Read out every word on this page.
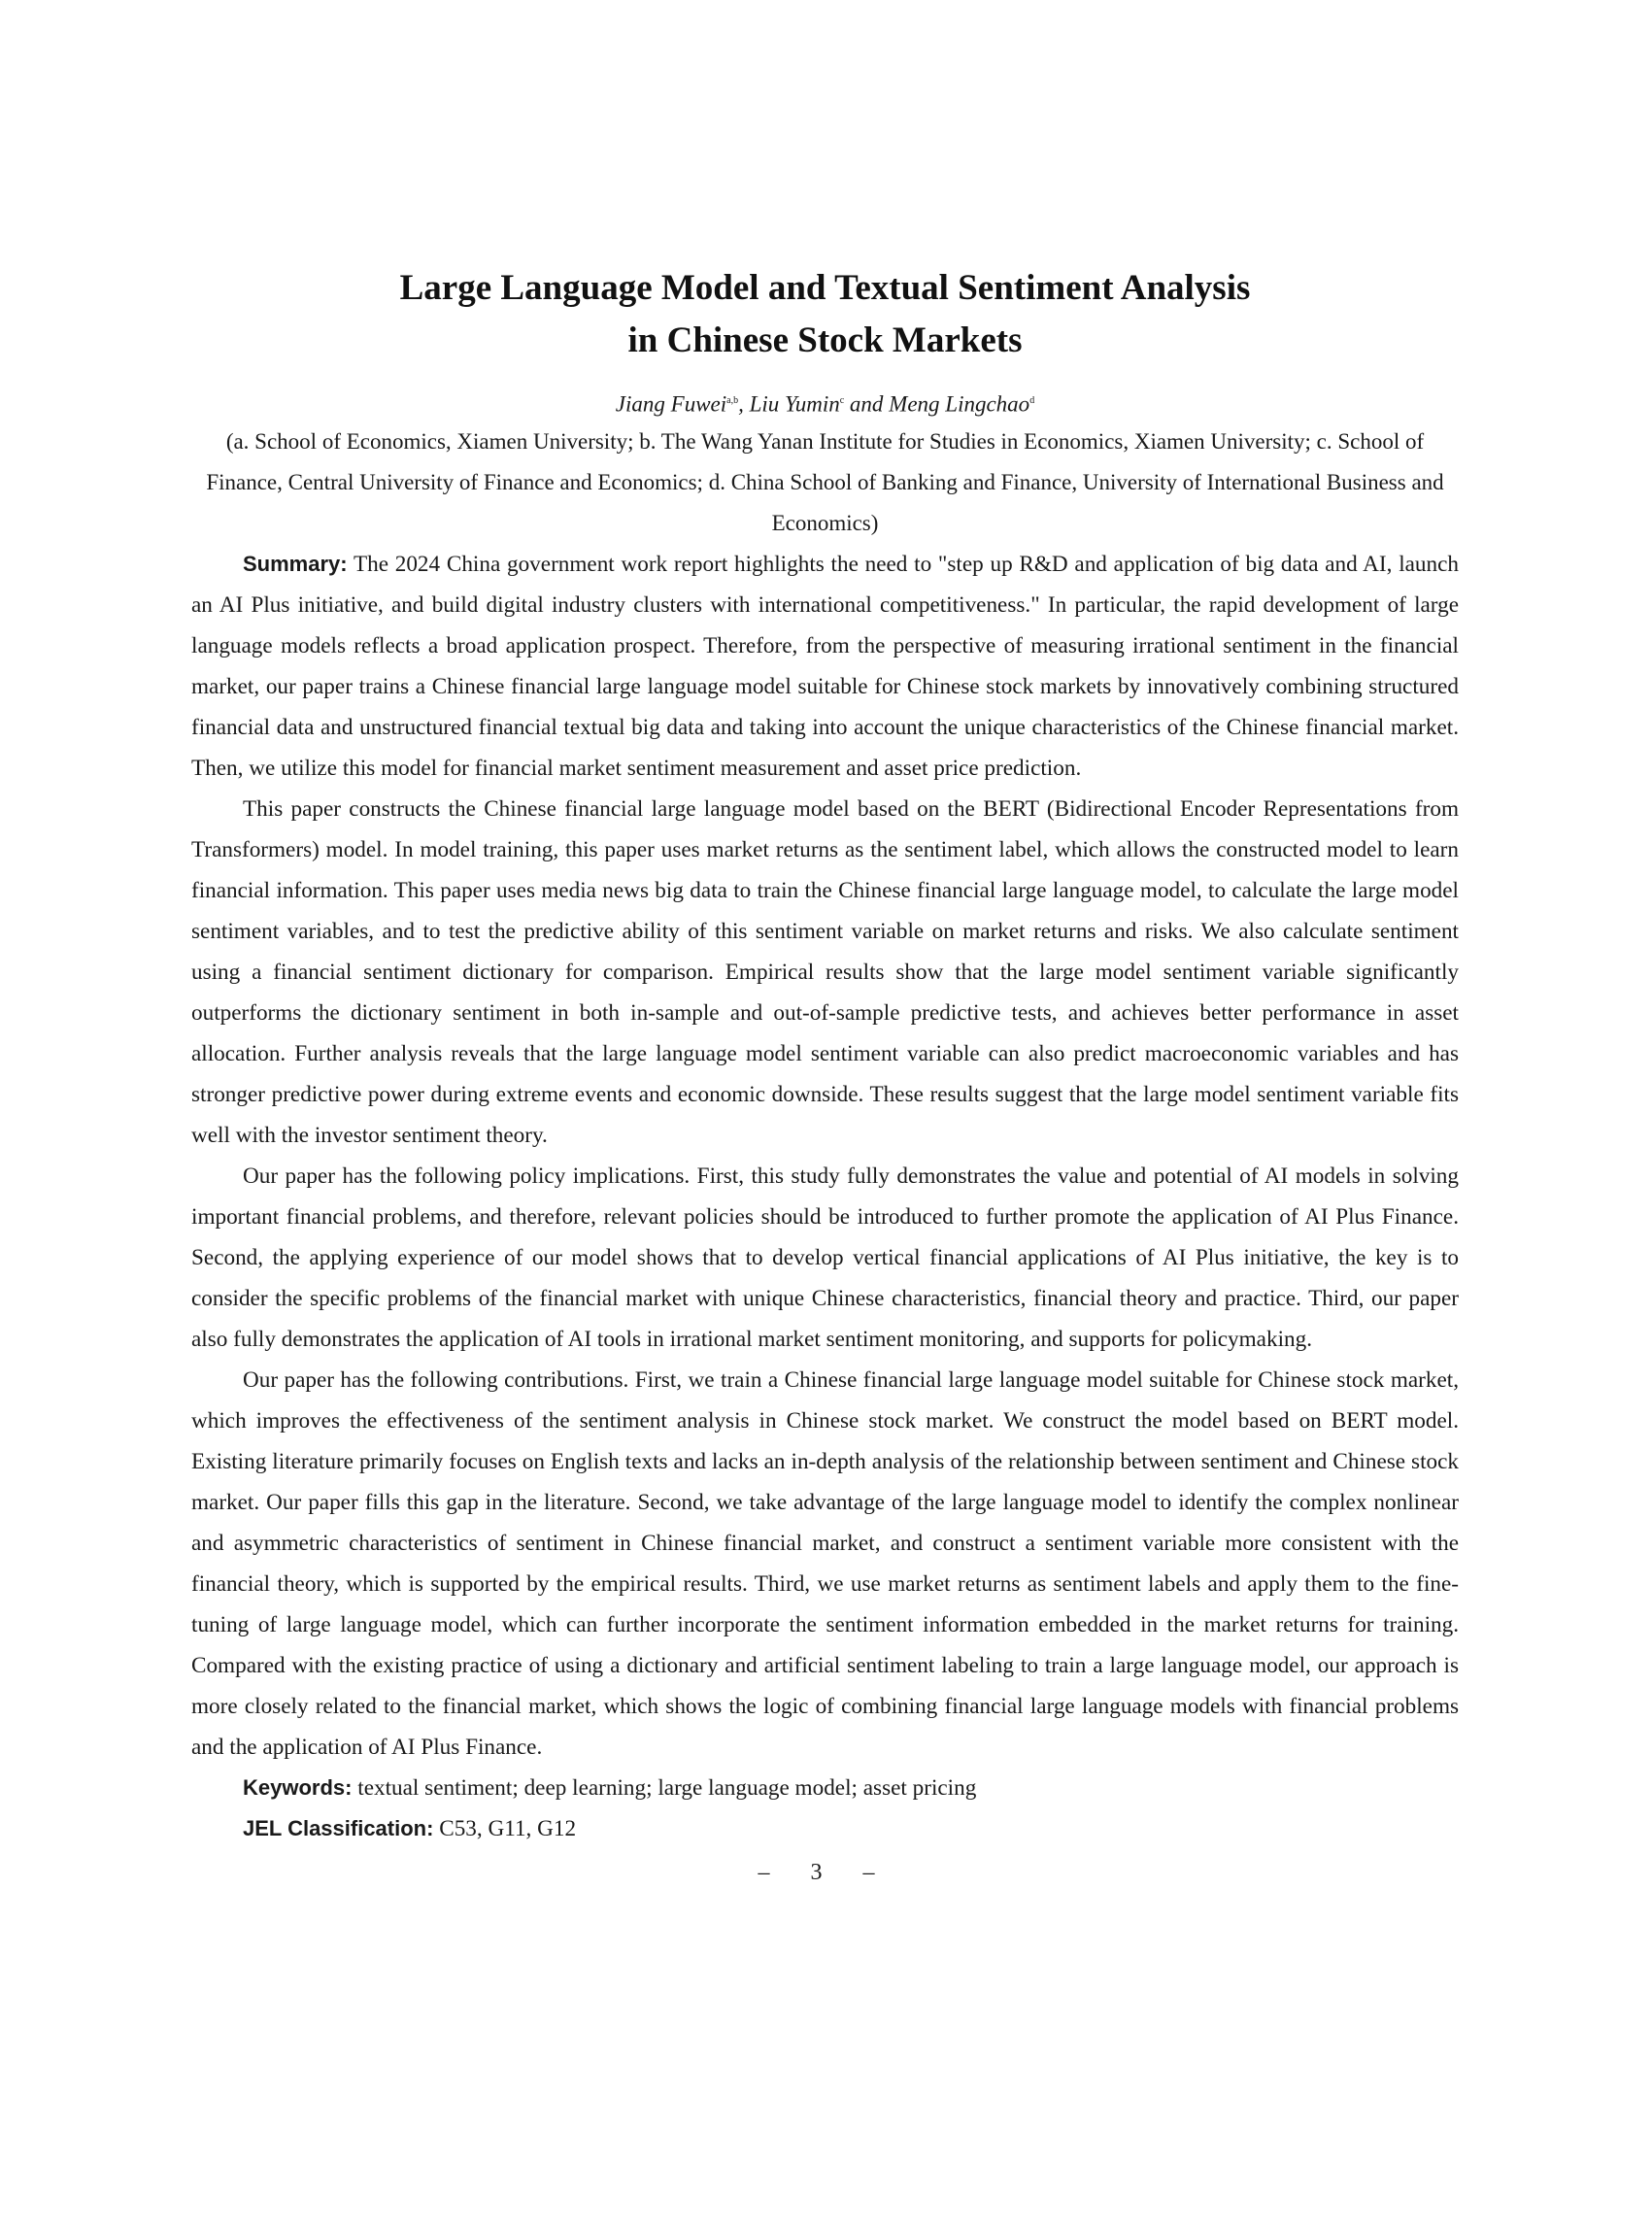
Large Language Model and Textual Sentiment Analysis
in Chinese Stock Markets
Jiang Fuwei$^{a,b}$, Liu Yumin$^c$ and Meng Lingchao$^d$

(a. School of Economics, Xiamen University; b. The Wang Yanan Institute for Studies in Economics, Xiamen University; c. School of Finance, Central University of Finance and Economics; d. China School of Banking and Finance, University of International Business and Economics)

Summary: The 2024 China government work report highlights the need to "step up R&D and application of big data and AI, launch an AI Plus initiative, and build digital industry clusters with international competitiveness." In particular, the rapid development of large language models reflects a broad application prospect. Therefore, from the perspective of measuring irrational sentiment in the financial market, our paper trains a Chinese financial large language model suitable for Chinese stock markets by innovatively combining structured financial data and unstructured financial textual big data and taking into account the unique characteristics of the Chinese financial market. Then, we utilize this model for financial market sentiment measurement and asset price prediction.

This paper constructs the Chinese financial large language model based on the BERT (Bidirectional Encoder Representations from Transformers) model. In model training, this paper uses market returns as the sentiment label, which allows the constructed model to learn financial information. This paper uses media news big data to train the Chinese financial large language model, to calculate the large model sentiment variables, and to test the predictive ability of this sentiment variable on market returns and risks. We also calculate sentiment using a financial sentiment dictionary for comparison. Empirical results show that the large model sentiment variable significantly outperforms the dictionary sentiment in both in‐sample and out‐of‐sample predictive tests, and achieves better performance in asset allocation. Further analysis reveals that the large language model sentiment variable can also predict macroeconomic variables and has stronger predictive power during extreme events and economic downside. These results suggest that the large model sentiment variable fits well with the investor sentiment theory.

Our paper has the following policy implications. First, this study fully demonstrates the value and potential of AI models in solving important financial problems, and therefore, relevant policies should be introduced to further promote the application of AI Plus Finance. Second, the applying experience of our model shows that to develop vertical financial applications of AI Plus initiative, the key is to consider the specific problems of the financial market with unique Chinese characteristics, financial theory and practice. Third, our paper also fully demonstrates the application of AI tools in irrational market sentiment monitoring, and supports for policymaking.

Our paper has the following contributions. First, we train a Chinese financial large language model suitable for Chinese stock market, which improves the effectiveness of the sentiment analysis in Chinese stock market. We construct the model based on BERT model. Existing literature primarily focuses on English texts and lacks an in‐depth analysis of the relationship between sentiment and Chinese stock market. Our paper fills this gap in the literature. Second, we take advantage of the large language model to identify the complex nonlinear and asymmetric characteristics of sentiment in Chinese financial market, and construct a sentiment variable more consistent with the financial theory, which is supported by the empirical results. Third, we use market returns as sentiment labels and apply them to the fine‐tuning of large language model, which can further incorporate the sentiment information embedded in the market returns for training. Compared with the existing practice of using a dictionary and artificial sentiment labeling to train a large language model, our approach is more closely related to the financial market, which shows the logic of combining financial large language models with financial problems and the application of AI Plus Finance.

Keywords: textual sentiment; deep learning; large language model; asset pricing

JEL Classification: C53, G11, G12

– 3 –
